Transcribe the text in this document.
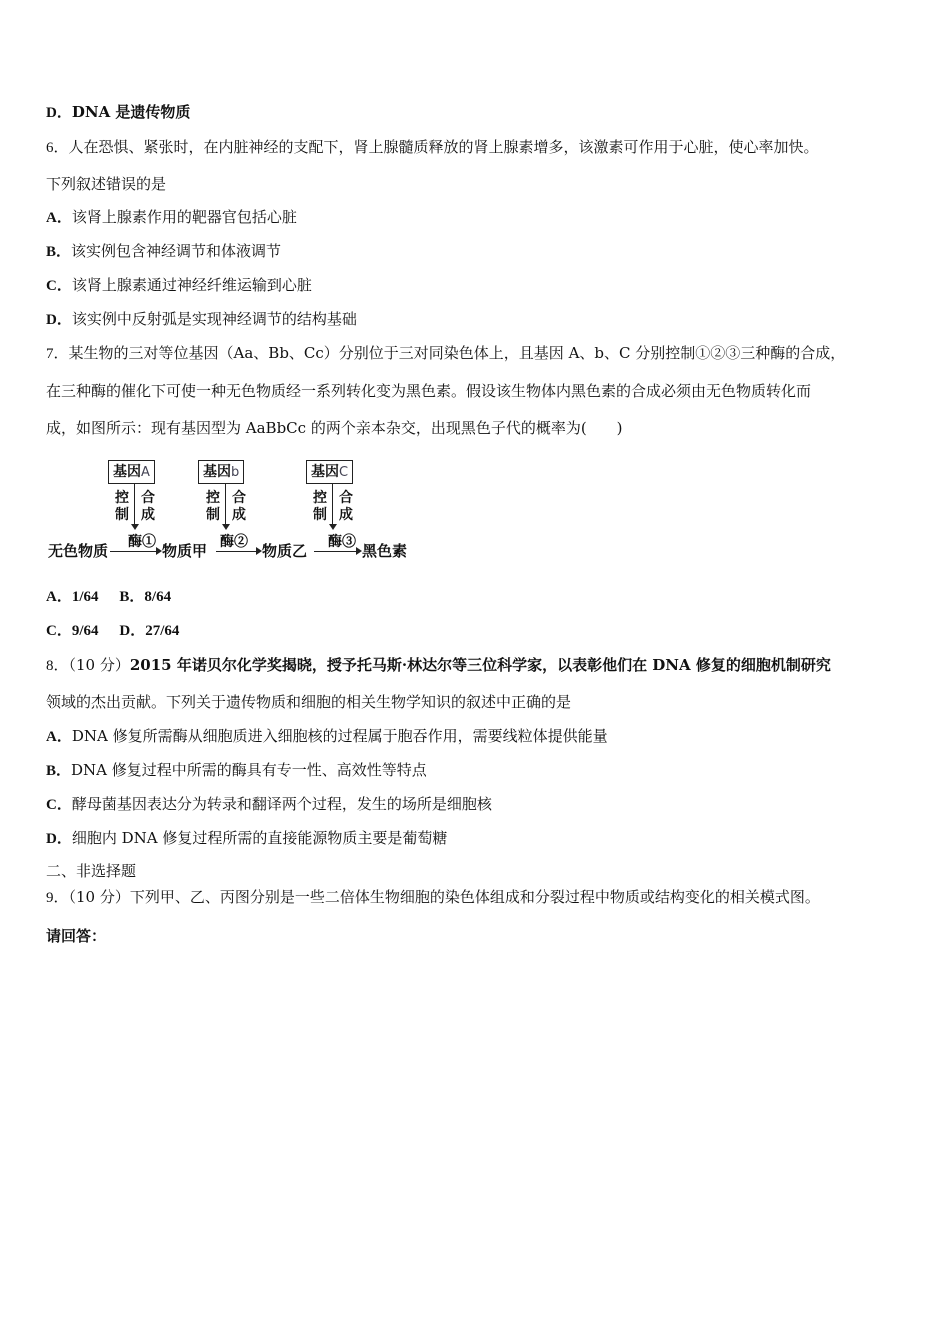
D．DNA 是遗传物质
6．人在恐惧、紧张时，在内脏神经的支配下，肾上腺髓质释放的肾上腺素增多，该激素可作用于心脏，使心率加快。
下列叙述错误的是
A．该肾上腺素作用的靶器官包括心脏
B．该实例包含神经调节和体液调节
C．该肾上腺素通过神经纤维运输到心脏
D．该实例中反射弧是实现神经调节的结构基础
7．某生物的三对等位基因（Aa、Bb、Cc）分别位于三对同染色体上，且基因 A、b、C 分别控制①②③三种酶的合成，
在三种酶的催化下可使一种无色物质经一系列转化变为黑色素。假设该生物体内黑色素的合成必须由无色物质转化而
成，如图所示：现有基因型为 AaBbCc 的两个亲本杂交，出现黑色子代的概率为(　　)
基因A	基因b	基因C
控制
合成
控制
合成
控制
合成
酶①	酶②	酶③
无色物质	物质甲	物质乙	黑色素
A．1/64 B．8/64
C．9/64 D．27/64
8．（10 分）2015 年诺贝尔化学奖揭晓，授予托马斯·林达尔等三位科学家，以表彰他们在 DNA 修复的细胞机制研究
领域的杰出贡献。下列关于遗传物质和细胞的相关生物学知识的叙述中正确的是
A．DNA 修复所需酶从细胞质进入细胞核的过程属于胞吞作用，需要线粒体提供能量
B．DNA 修复过程中所需的酶具有专一性、高效性等特点
C．酵母菌基因表达分为转录和翻译两个过程，发生的场所是细胞核
D．细胞内 DNA 修复过程所需的直接能源物质主要是葡萄糖
二、非选择题
9．（10 分）下列甲、乙、丙图分别是一些二倍体生物细胞的染色体组成和分裂过程中物质或结构变化的相关模式图。
请回答：
